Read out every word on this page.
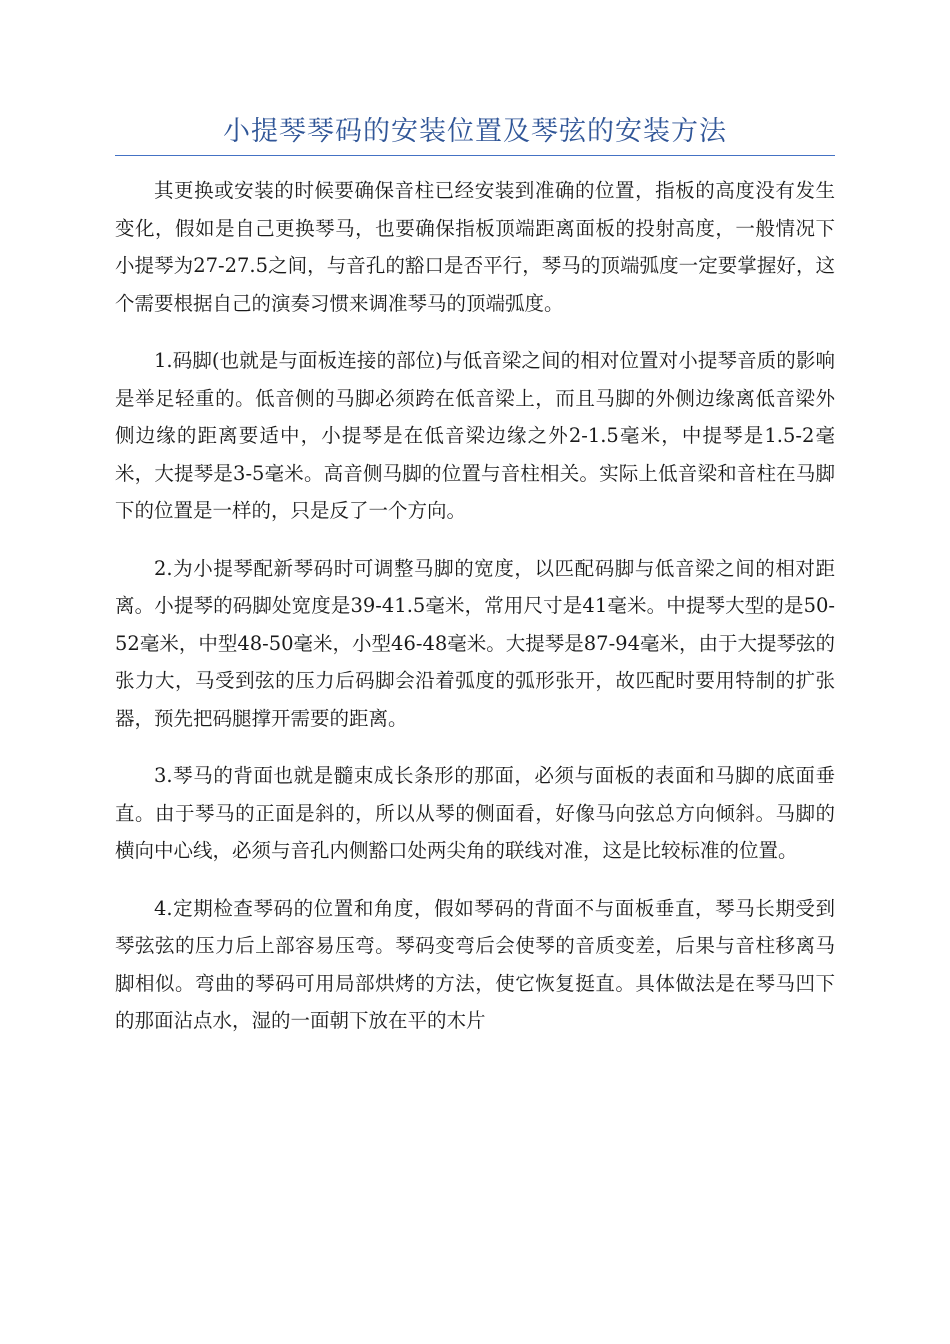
小提琴琴码的安装位置及琴弦的安装方法

其更换或安装的时候要确保音柱已经安装到准确的位置，指板的高度没有发生变化，假如是自己更换琴马，也要确保指板顶端距离面板的投射高度，一般情况下小提琴为27-27.5之间，与音孔的豁口是否平行，琴马的顶端弧度一定要掌握好，这个需要根据自己的演奏习惯来调准琴马的顶端弧度。

1.码脚(也就是与面板连接的部位)与低音梁之间的相对位置对小提琴音质的影响是举足轻重的。低音侧的马脚必须跨在低音梁上，而且马脚的外侧边缘离低音梁外侧边缘的距离要适中，小提琴是在低音梁边缘之外2-1.5毫米，中提琴是1.5-2毫米，大提琴是3-5毫米。高音侧马脚的位置与音柱相关。实际上低音梁和音柱在马脚下的位置是一样的，只是反了一个方向。

2.为小提琴配新琴码时可调整马脚的宽度，以匹配码脚与低音梁之间的相对距离。小提琴的码脚处宽度是39-41.5毫米，常用尺寸是41毫米。中提琴大型的是50-52毫米，中型48-50毫米，小型46-48毫米。大提琴是87-94毫米，由于大提琴弦的张力大，马受到弦的压力后码脚会沿着弧度的弧形张开，故匹配时要用特制的扩张器，预先把码腿撑开需要的距离。

3.琴马的背面也就是髓束成长条形的那面，必须与面板的表面和马脚的底面垂直。由于琴马的正面是斜的，所以从琴的侧面看，好像马向弦总方向倾斜。马脚的横向中心线，必须与音孔内侧豁口处两尖角的联线对准，这是比较标准的位置。

4.定期检查琴码的位置和角度，假如琴码的背面不与面板垂直，琴马长期受到琴弦弦的压力后上部容易压弯。琴码变弯后会使琴的音质变差，后果与音柱移离马脚相似。弯曲的琴码可用局部烘烤的方法，使它恢复挺直。具体做法是在琴马凹下的那面沾点水，湿的一面朝下放在平的木片
